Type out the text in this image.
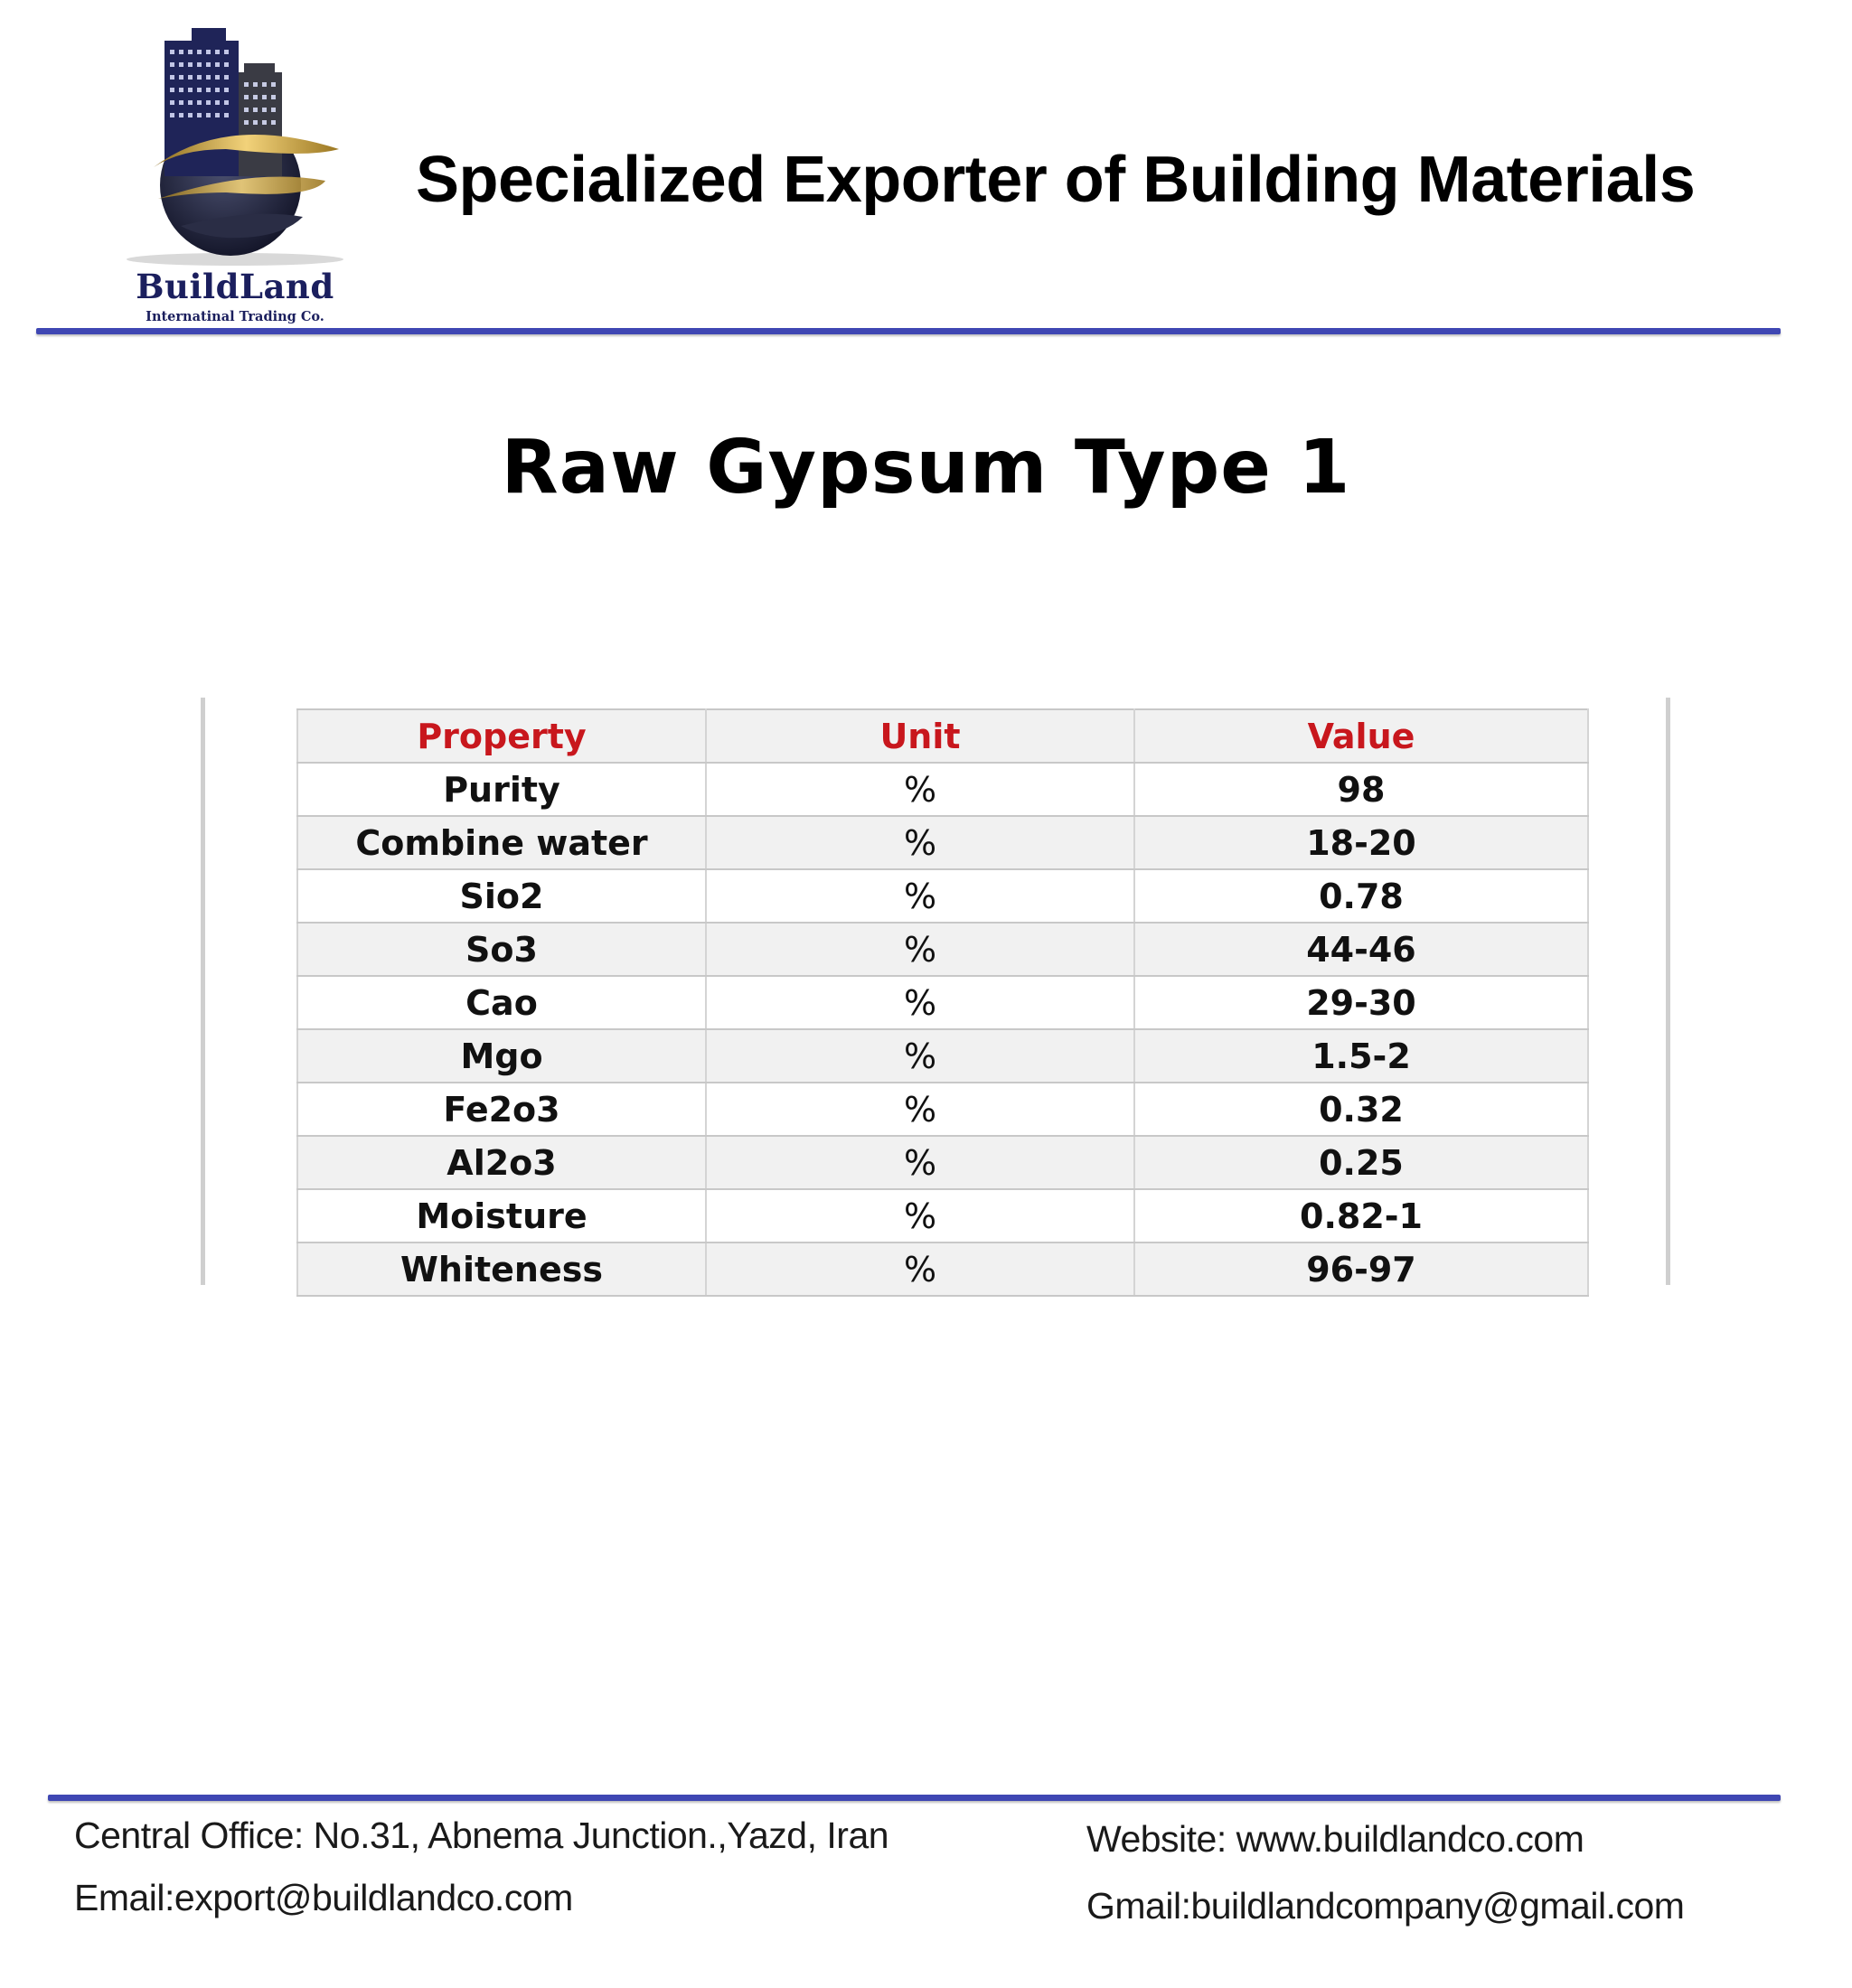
BuildLand
Internatinal Trading Co.
Specialized Exporter of Building Materials
Raw Gypsum Type 1
Property	Unit	Value
Purity	%	98
Combine water	%	18-20
Sio2	%	0.78
So3	%	44-46
Cao	%	29-30
Mgo	%	1.5-2
Fe2o3	%	0.32
Al2o3	%	0.25
Moisture	%	0.82-1
Whiteness	%	96-97
Central Office: No.31, Abnema Junction.,Yazd, Iran
Email:export@buildlandco.com
Website: www.buildlandco.com
Gmail:buildlandcompany@gmail.com
